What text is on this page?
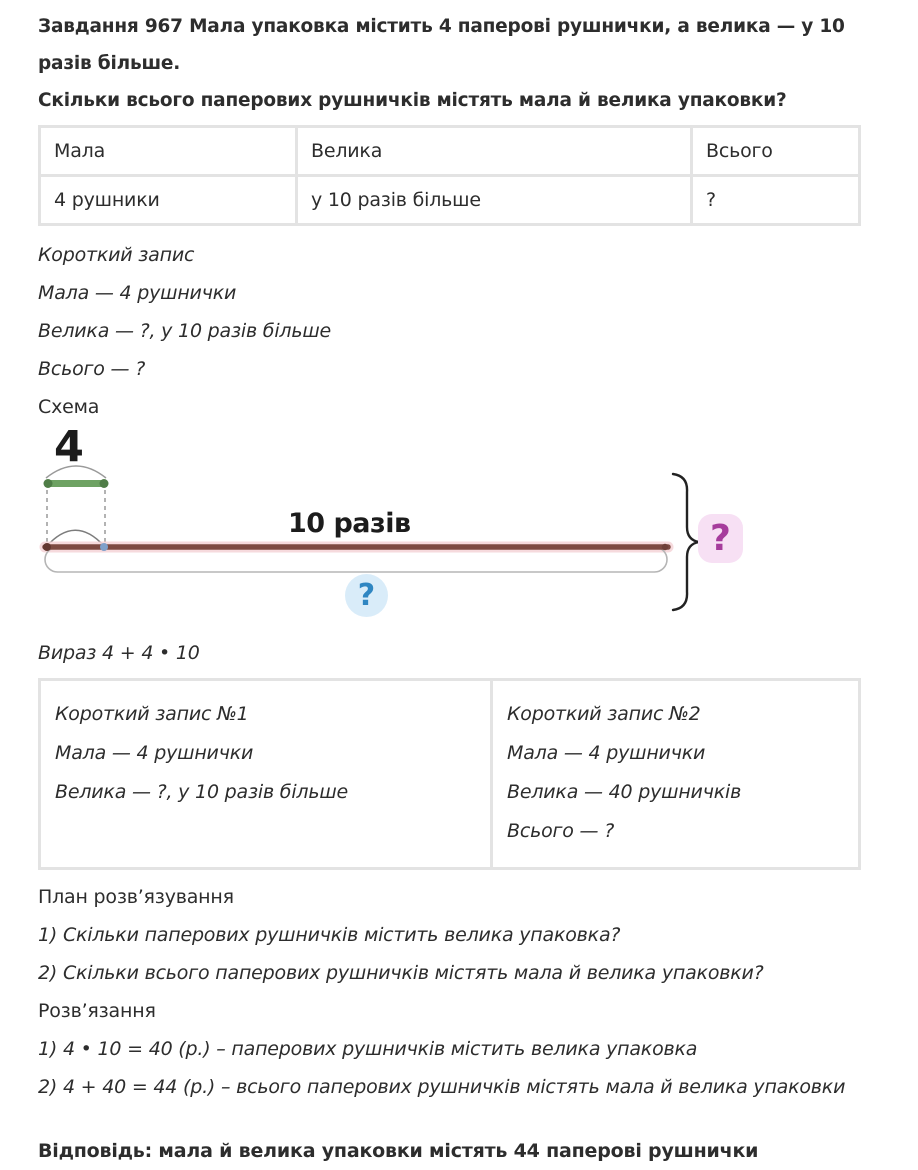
Завдання 967 Мала упаковка містить 4 паперові рушнички, а велика — у 10 разів більше.

Скільки всього паперових рушничків містять мала й велика упаковки?

Мала	Велика	Всього
4 рушники	у 10 разів більше	?

Короткий запис

Мала — 4 рушнички

Велика — ?, у 10 разів більше

Всього — ?

Схема

4
10 разів
?
?

Вираз 4 + 4 • 10

Короткий запис №1

Мала — 4 рушнички

Велика — ?, у 10 разів більше

Короткий запис №2

Мала — 4 рушнички

Велика — 40 рушничків

Всього — ?

План розв’язування

1) Скільки паперових рушничків містить велика упаковка?

2) Скільки всього паперових рушничків містять мала й велика упаковки?

Розв’язання

1) 4 • 10 = 40 (р.) – паперових рушничків містить велика упаковка

2) 4 + 40 = 44 (р.) – всього паперових рушничків містять мала й велика упаковки

Відповідь: мала й велика упаковки містять 44 паперові рушнички
